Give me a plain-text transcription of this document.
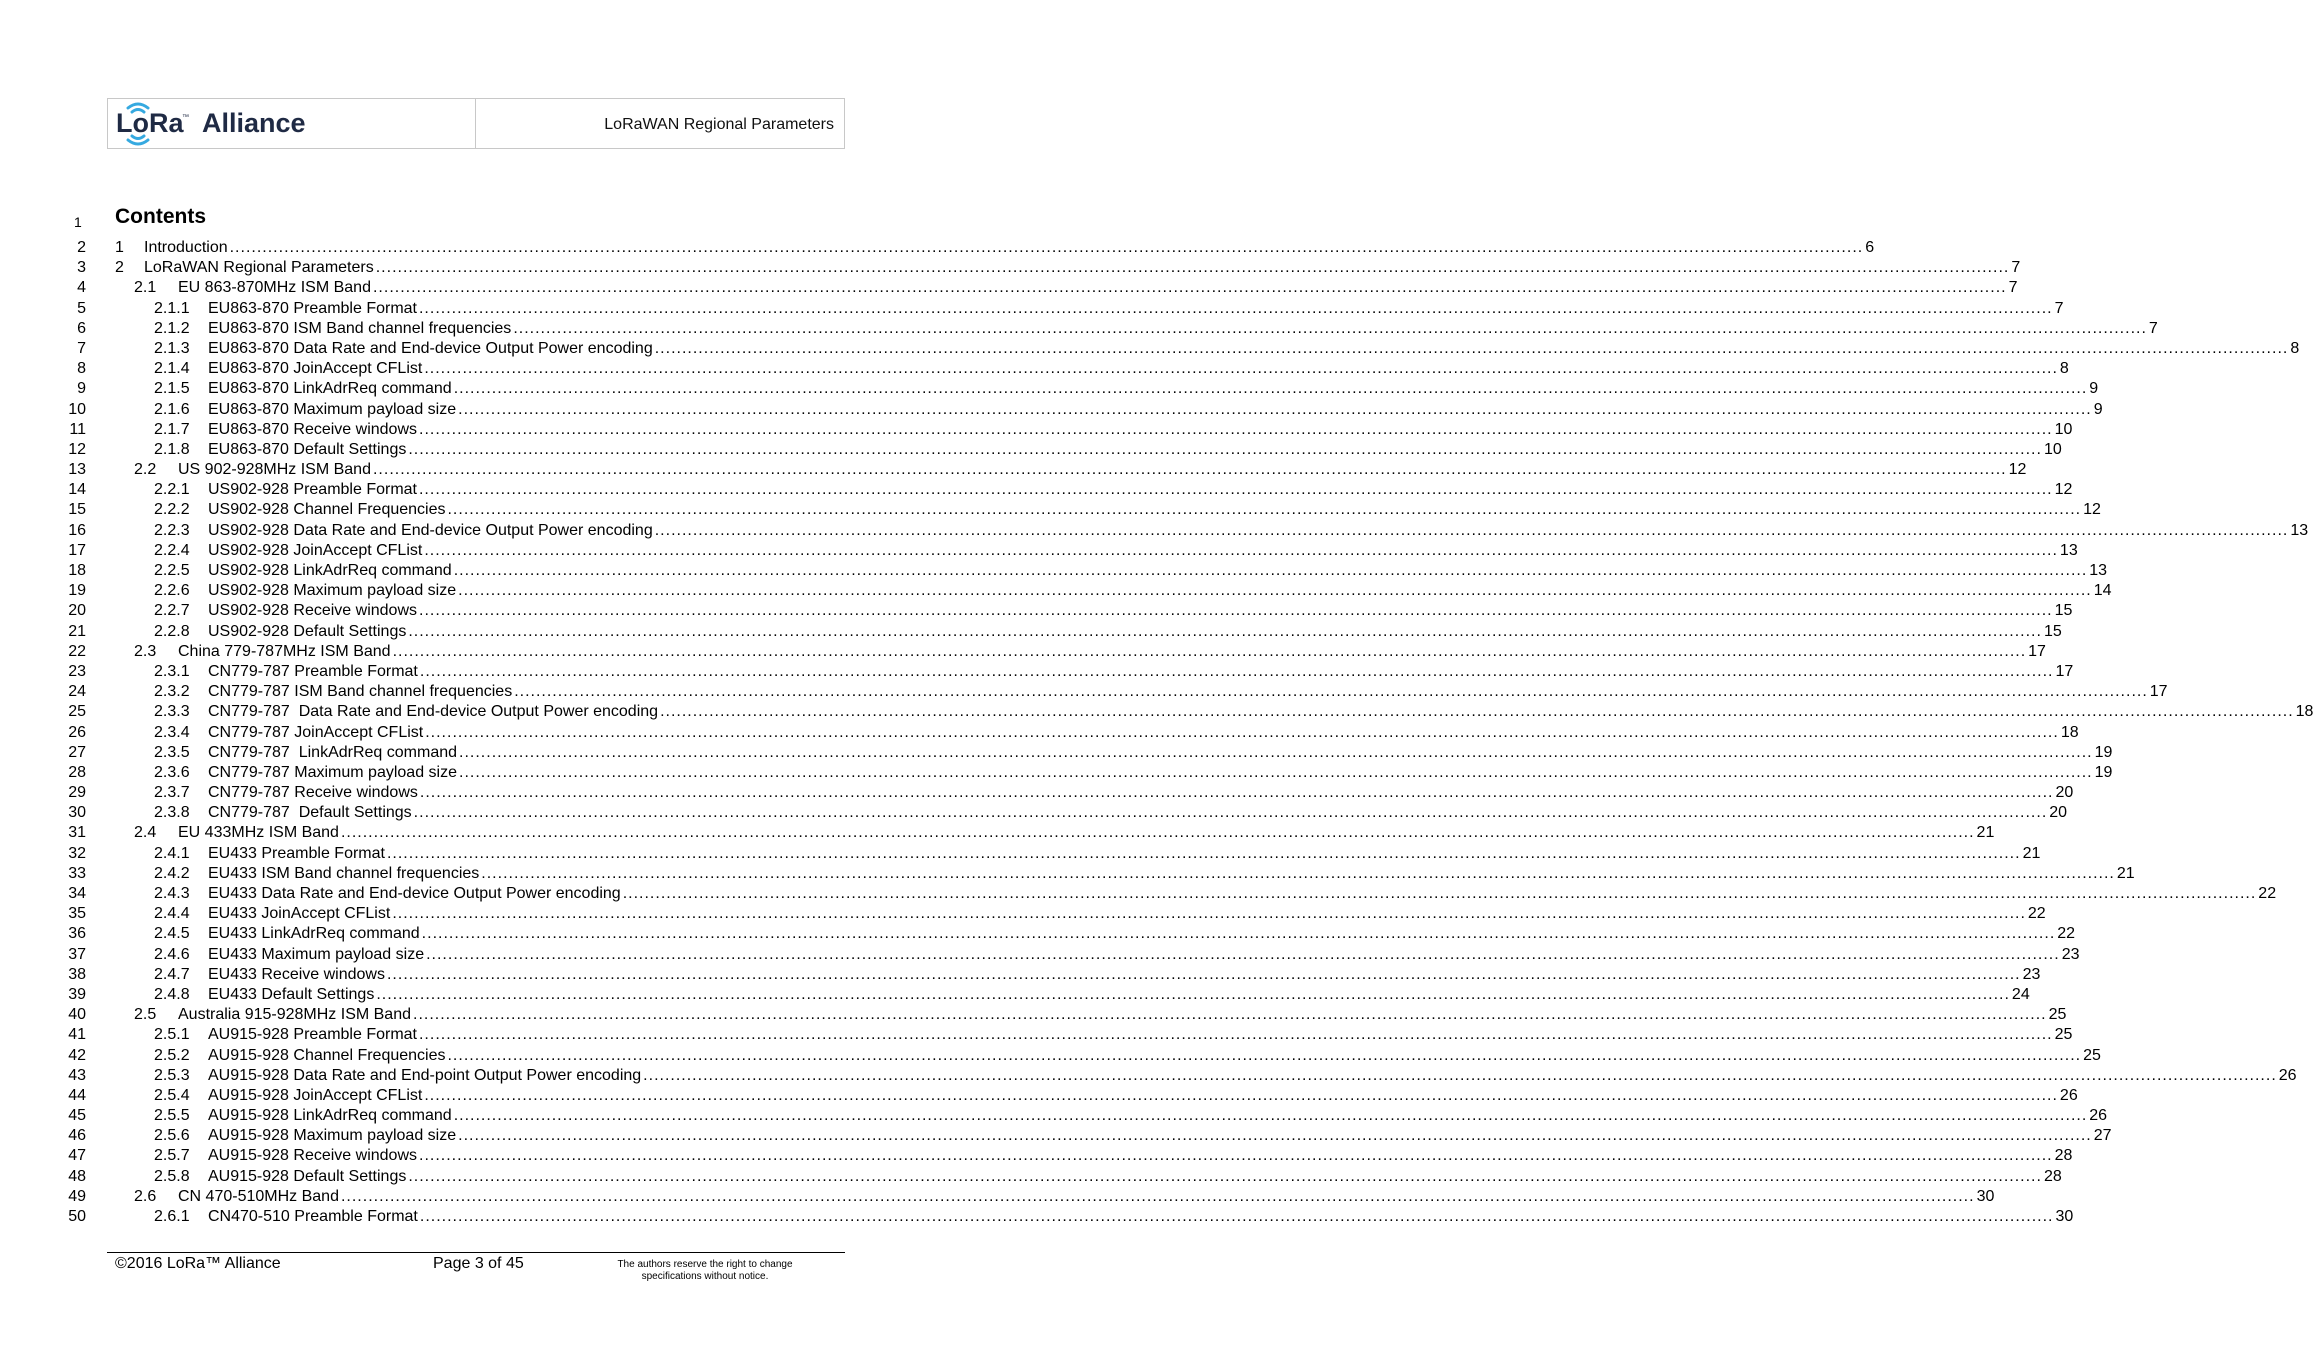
LoRa
™ Alliance	LoRaWAN Regional Parameters
1 Contents
2 1	Introduction ............................................................................................................................................................................................................................................................................................................ 6
3 2	LoRaWAN Regional Parameters ............................................................................................................................................................................................................................................................................................................ 7
4	2.1	EU 863-870MHz ISM Band ............................................................................................................................................................................................................................................................................................................ 7
5	2.1.1	EU863-870 Preamble Format ............................................................................................................................................................................................................................................................................................................ 7
6	2.1.2	EU863-870 ISM Band channel frequencies ............................................................................................................................................................................................................................................................................................................ 7
7	2.1.3	EU863-870 Data Rate and End-device Output Power encoding ............................................................................................................................................................................................................................................................................................................ 8
8	2.1.4	EU863-870 JoinAccept CFList ............................................................................................................................................................................................................................................................................................................ 8
9	2.1.5	EU863-870 LinkAdrReq command ............................................................................................................................................................................................................................................................................................................ 9
10	2.1.6	EU863-870 Maximum payload size ............................................................................................................................................................................................................................................................................................................ 9
11	2.1.7	EU863-870 Receive windows ............................................................................................................................................................................................................................................................................................................ 10
12	2.1.8	EU863-870 Default Settings ............................................................................................................................................................................................................................................................................................................ 10
13	2.2	US 902-928MHz ISM Band ............................................................................................................................................................................................................................................................................................................ 12
14	2.2.1	US902-928 Preamble Format ............................................................................................................................................................................................................................................................................................................ 12
15	2.2.2	US902-928 Channel Frequencies ............................................................................................................................................................................................................................................................................................................ 12
16	2.2.3	US902-928 Data Rate and End-device Output Power encoding ............................................................................................................................................................................................................................................................................................................ 13
17	2.2.4	US902-928 JoinAccept CFList ............................................................................................................................................................................................................................................................................................................ 13
18	2.2.5	US902-928 LinkAdrReq command ............................................................................................................................................................................................................................................................................................................ 13
19	2.2.6	US902-928 Maximum payload size ............................................................................................................................................................................................................................................................................................................ 14
20	2.2.7	US902-928 Receive windows ............................................................................................................................................................................................................................................................................................................ 15
21	2.2.8	US902-928 Default Settings ............................................................................................................................................................................................................................................................................................................ 15
22	2.3	China 779-787MHz ISM Band ............................................................................................................................................................................................................................................................................................................ 17
23	2.3.1	CN779-787 Preamble Format ............................................................................................................................................................................................................................................................................................................ 17
24	2.3.2	CN779-787 ISM Band channel frequencies ............................................................................................................................................................................................................................................................................................................ 17
25	2.3.3	CN779-787  Data Rate and End-device Output Power encoding ............................................................................................................................................................................................................................................................................................................ 18
26	2.3.4	CN779-787 JoinAccept CFList ............................................................................................................................................................................................................................................................................................................ 18
27	2.3.5	CN779-787  LinkAdrReq command ............................................................................................................................................................................................................................................................................................................ 19
28	2.3.6	CN779-787 Maximum payload size ............................................................................................................................................................................................................................................................................................................ 19
29	2.3.7	CN779-787 Receive windows ............................................................................................................................................................................................................................................................................................................ 20
30	2.3.8	CN779-787  Default Settings ............................................................................................................................................................................................................................................................................................................ 20
31	2.4	EU 433MHz ISM Band ............................................................................................................................................................................................................................................................................................................ 21
32	2.4.1	EU433 Preamble Format ............................................................................................................................................................................................................................................................................................................ 21
33	2.4.2	EU433 ISM Band channel frequencies ............................................................................................................................................................................................................................................................................................................ 21
34	2.4.3	EU433 Data Rate and End-device Output Power encoding ............................................................................................................................................................................................................................................................................................................ 22
35	2.4.4	EU433 JoinAccept CFList ............................................................................................................................................................................................................................................................................................................ 22
36	2.4.5	EU433 LinkAdrReq command ............................................................................................................................................................................................................................................................................................................ 22
37	2.4.6	EU433 Maximum payload size ............................................................................................................................................................................................................................................................................................................ 23
38	2.4.7	EU433 Receive windows ............................................................................................................................................................................................................................................................................................................ 23
39	2.4.8	EU433 Default Settings ............................................................................................................................................................................................................................................................................................................ 24
40	2.5	Australia 915-928MHz ISM Band ............................................................................................................................................................................................................................................................................................................ 25
41	2.5.1	AU915-928 Preamble Format ............................................................................................................................................................................................................................................................................................................ 25
42	2.5.2	AU915-928 Channel Frequencies ............................................................................................................................................................................................................................................................................................................ 25
43	2.5.3	AU915-928 Data Rate and End-point Output Power encoding ............................................................................................................................................................................................................................................................................................................ 26
44	2.5.4	AU915-928 JoinAccept CFList ............................................................................................................................................................................................................................................................................................................ 26
45	2.5.5	AU915-928 LinkAdrReq command ............................................................................................................................................................................................................................................................................................................ 26
46	2.5.6	AU915-928 Maximum payload size ............................................................................................................................................................................................................................................................................................................ 27
47	2.5.7	AU915-928 Receive windows ............................................................................................................................................................................................................................................................................................................ 28
48	2.5.8	AU915-928 Default Settings ............................................................................................................................................................................................................................................................................................................ 28
49	2.6	CN 470-510MHz Band ............................................................................................................................................................................................................................................................................................................ 30
50	2.6.1	CN470-510 Preamble Format ............................................................................................................................................................................................................................................................................................................ 30
©2016 LoRa™ Alliance	Page 3 of 45	The authors reserve the right to change
specifications without notice.
